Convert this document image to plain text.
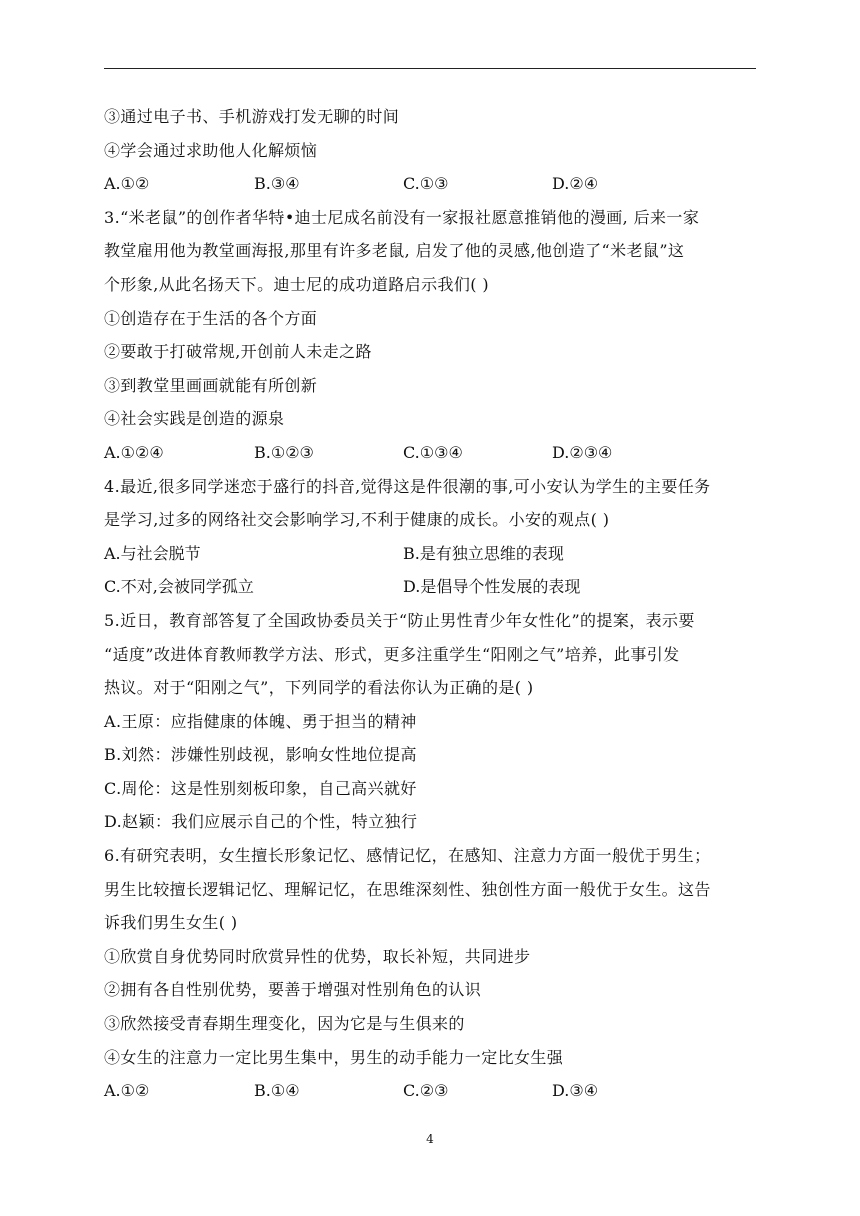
③通过电子书、手机游戏打发无聊的时间
④学会通过求助他人化解烦恼
A.①②	B.③④	C.①③	D.②④
3.“米老鼠”的创作者华特•迪士尼成名前没有一家报社愿意推销他的漫画, 后来一家
教堂雇用他为教堂画海报,那里有许多老鼠, 启发了他的灵感,他创造了“米老鼠”这
个形象,从此名扬天下。迪士尼的成功道路启示我们( )
①创造存在于生活的各个方面
②要敢于打破常规,开创前人未走之路
③到教堂里画画就能有所创新
④社会实践是创造的源泉
A.①②④	B.①②③	C.①③④	D.②③④
4.最近,很多同学迷恋于盛行的抖音,觉得这是件很潮的事,可小安认为学生的主要任务
是学习,过多的网络社交会影响学习,不利于健康的成长。小安的观点( )
A.与社会脱节	B.是有独立思维的表现
C.不对,会被同学孤立	D.是倡导个性发展的表现
5.近日，教育部答复了全国政协委员关于“防止男性青少年女性化”的提案，表示要
“适度”改进体育教师教学方法、形式，更多注重学生“阳刚之气”培养，此事引发
热议。对于“阳刚之气”，下列同学的看法你认为正确的是( )
A.王原：应指健康的体魄、勇于担当的精神
B.刘然：涉嫌性别歧视，影响女性地位提高
C.周伦：这是性别刻板印象，自己高兴就好
D.赵颖：我们应展示自己的个性，特立独行
6.有研究表明，女生擅长形象记忆、感情记忆，在感知、注意力方面一般优于男生；
男生比较擅长逻辑记忆、理解记忆，在思维深刻性、独创性方面一般优于女生。这告
诉我们男生女生( )
①欣赏自身优势同时欣赏异性的优势，取长补短，共同进步
②拥有各自性别优势，要善于增强对性别角色的认识
③欣然接受青春期生理变化，因为它是与生俱来的
④女生的注意力一定比男生集中，男生的动手能力一定比女生强
A.①②	B.①④	C.②③	D.③④
4
